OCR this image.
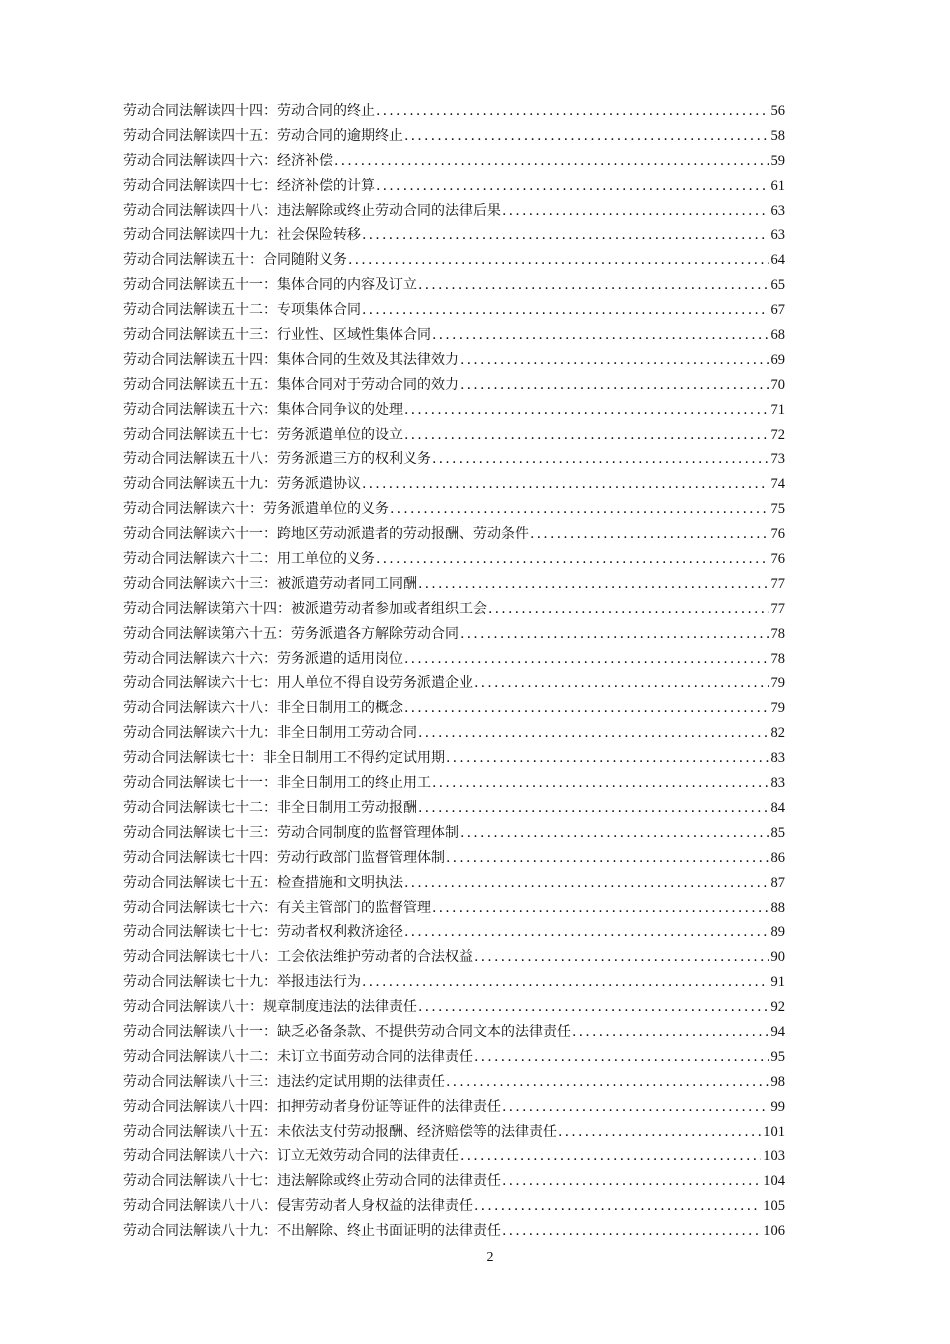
劳动合同法解读四十四：劳动合同的终止 .....	56
劳动合同法解读四十五：劳动合同的逾期终止 .....	58
劳动合同法解读四十六：经济补偿 .....	59
劳动合同法解读四十七：经济补偿的计算 .....	61
劳动合同法解读四十八：违法解除或终止劳动合同的法律后果 .....	63
劳动合同法解读四十九：社会保险转移 .....	63
劳动合同法解读五十：合同随附义务 .....	64
劳动合同法解读五十一：集体合同的内容及订立 .....	65
劳动合同法解读五十二：专项集体合同 .....	67
劳动合同法解读五十三：行业性、区域性集体合同 .....	68
劳动合同法解读五十四：集体合同的生效及其法律效力 .....	69
劳动合同法解读五十五：集体合同对于劳动合同的效力 .....	70
劳动合同法解读五十六：集体合同争议的处理 .....	71
劳动合同法解读五十七：劳务派遣单位的设立 .....	72
劳动合同法解读五十八：劳务派遣三方的权利义务 .....	73
劳动合同法解读五十九：劳务派遣协议 .....	74
劳动合同法解读六十：劳务派遣单位的义务 .....	75
劳动合同法解读六十一：跨地区劳动派遣者的劳动报酬、劳动条件 .....	76
劳动合同法解读六十二：用工单位的义务 .....	76
劳动合同法解读六十三：被派遣劳动者同工同酬 .....	77
劳动合同法解读第六十四：被派遣劳动者参加或者组织工会 .....	77
劳动合同法解读第六十五：劳务派遣各方解除劳动合同 .....	78
劳动合同法解读六十六：劳务派遣的适用岗位 .....	78
劳动合同法解读六十七：用人单位不得自设劳务派遣企业 .....	79
劳动合同法解读六十八：非全日制用工的概念 .....	79
劳动合同法解读六十九：非全日制用工劳动合同 .....	82
劳动合同法解读七十：非全日制用工不得约定试用期 .....	83
劳动合同法解读七十一：非全日制用工的终止用工 .....	83
劳动合同法解读七十二：非全日制用工劳动报酬 .....	84
劳动合同法解读七十三：劳动合同制度的监督管理体制 .....	85
劳动合同法解读七十四：劳动行政部门监督管理体制 .....	86
劳动合同法解读七十五：检查措施和文明执法 .....	87
劳动合同法解读七十六：有关主管部门的监督管理 .....	88
劳动合同法解读七十七：劳动者权利救济途径 .....	89
劳动合同法解读七十八：工会依法维护劳动者的合法权益 .....	90
劳动合同法解读七十九：举报违法行为 .....	91
劳动合同法解读八十：规章制度违法的法律责任 .....	92
劳动合同法解读八十一：缺乏必备条款、不提供劳动合同文本的法律责任 .....	94
劳动合同法解读八十二：未订立书面劳动合同的法律责任 .....	95
劳动合同法解读八十三：违法约定试用期的法律责任 .....	98
劳动合同法解读八十四：扣押劳动者身份证等证件的法律责任 .....	99
劳动合同法解读八十五：未依法支付劳动报酬、经济赔偿等的法律责任 .....	101
劳动合同法解读八十六：订立无效劳动合同的法律责任 .....	103
劳动合同法解读八十七：违法解除或终止劳动合同的法律责任 .....	104
劳动合同法解读八十八：侵害劳动者人身权益的法律责任 .....	105
劳动合同法解读八十九：不出解除、终止书面证明的法律责任 .....	106
2
